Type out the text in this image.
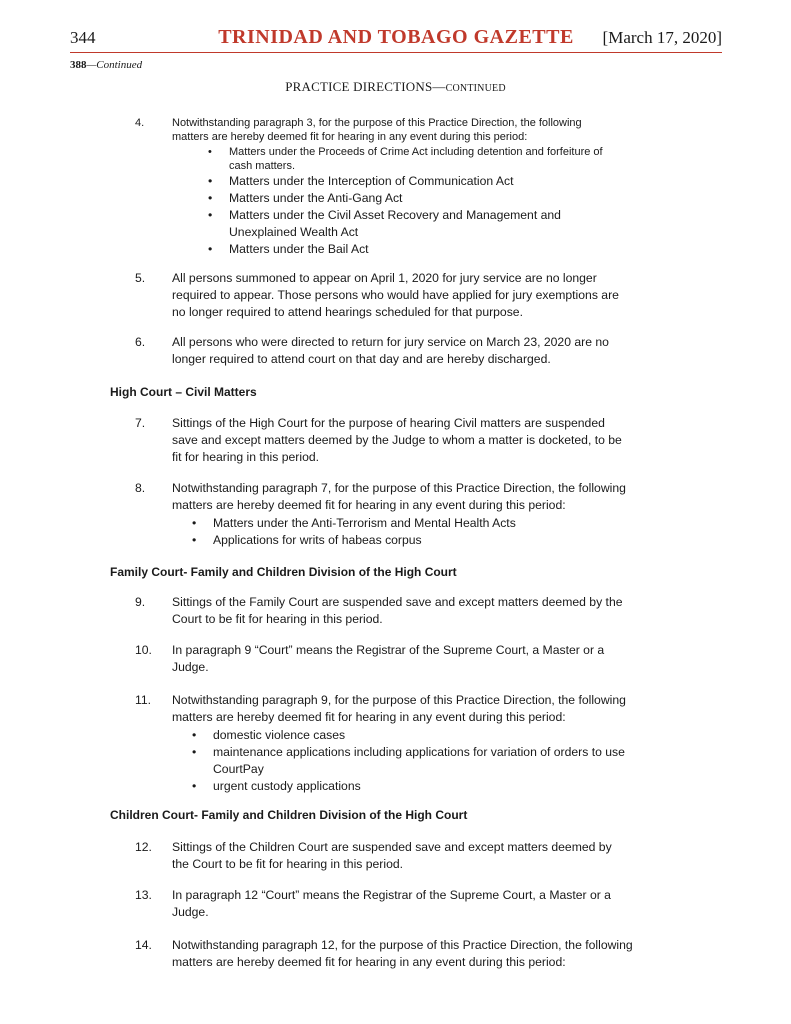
344	TRINIDAD AND TOBAGO GAZETTE	[March 17, 2020]
388—Continued
PRACTICE DIRECTIONS—CONTINUED
4.	Notwithstanding paragraph 3, for the purpose of this Practice Direction, the following matters are hereby deemed fit for hearing in any event during this period:
• Matters under the Proceeds of Crime Act including detention and forfeiture of cash matters.
• Matters under the Interception of Communication Act
• Matters under the Anti-Gang Act
• Matters under the Civil Asset Recovery and Management and Unexplained Wealth Act
• Matters under the Bail Act
5. All persons summoned to appear on April 1, 2020 for jury service are no longer required to appear. Those persons who would have applied for jury exemptions are no longer required to attend hearings scheduled for that purpose.
6. All persons who were directed to return for jury service on March 23, 2020 are no longer required to attend court on that day and are hereby discharged.
High Court – Civil Matters
7. Sittings of the High Court for the purpose of hearing Civil matters are suspended save and except matters deemed by the Judge to whom a matter is docketed, to be fit for hearing in this period.
8. Notwithstanding paragraph 7, for the purpose of this Practice Direction, the following matters are hereby deemed fit for hearing in any event during this period:
• Matters under the Anti-Terrorism and Mental Health Acts
• Applications for writs of habeas corpus
Family Court- Family and Children Division of the High Court
9. Sittings of the Family Court are suspended save and except matters deemed by the Court to be fit for hearing in this period.
10. In paragraph 9 “Court” means the Registrar of the Supreme Court, a Master or a Judge.
11. Notwithstanding paragraph 9, for the purpose of this Practice Direction, the following matters are hereby deemed fit for hearing in any event during this period:
• domestic violence cases
• maintenance applications including applications for variation of orders to use CourtPay
• urgent custody applications
Children Court- Family and Children Division of the High Court
12. Sittings of the Children Court are suspended save and except matters deemed by the Court to be fit for hearing in this period.
13. In paragraph 12 “Court” means the Registrar of the Supreme Court, a Master or a Judge.
14. Notwithstanding paragraph 12, for the purpose of this Practice Direction, the following matters are hereby deemed fit for hearing in any event during this period:
